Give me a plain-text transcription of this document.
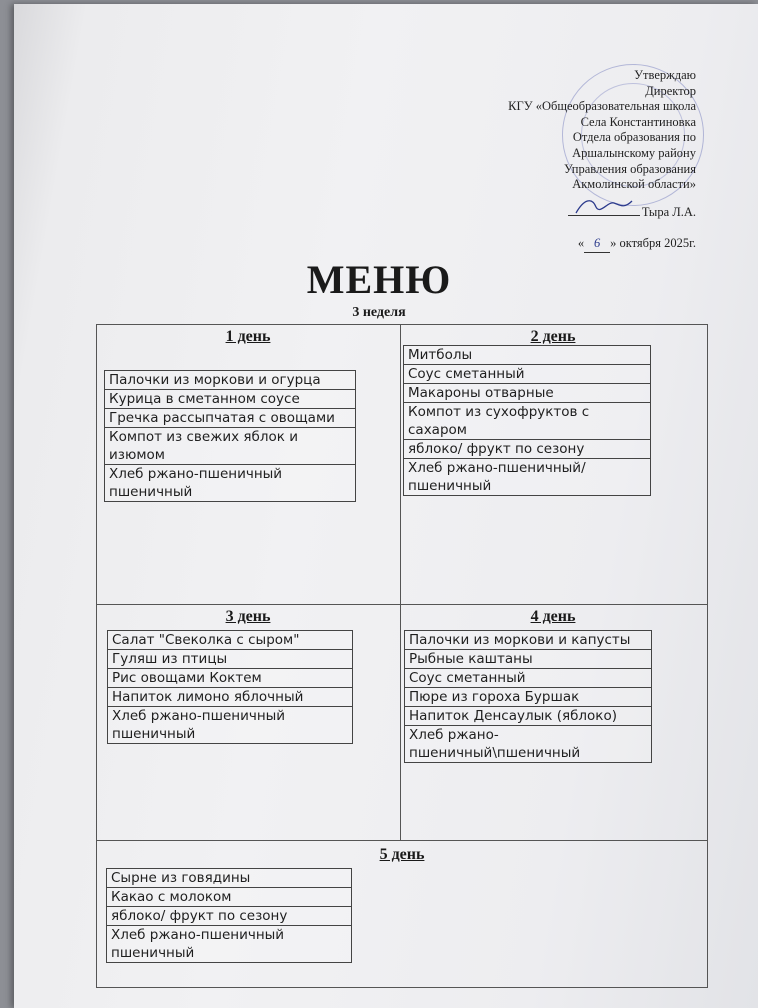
Утверждаю
Директор
КГУ «Общеобразовательная школа
Села Константиновка
Отдела образования по
Аршалынскому району
Управления образования
Акмолинской области»
Тыра Л.А.
« 6 » октября 2025г.
МЕНЮ
3 неделя
1 день
Палочки из моркови и огурца
Курица в сметанном соусе
Гречка рассыпчатая с овощами
Компот из свежих яблок и изюмом
Хлеб ржано-пшеничный пшеничный
2 день
Митболы
Соус сметанный
Макароны отварные
Компот из сухофруктов с сахаром
яблоко/ фрукт по сезону
Хлеб ржано-пшеничный/пшеничный
3 день
Салат "Свеколка с сыром"
Гуляш из птицы
Рис овощами Коктем
Напиток лимоно яблочный
Хлеб ржано-пшеничный пшеничный
4 день
Палочки из моркови и капусты
Рыбные каштаны
Соус сметанный
Пюре из гороха Буршак
Напиток Денсаулык (яблоко)
Хлеб ржано-пшеничный\пшеничный
5 день
Сырне из говядины
Какао с молоком
яблоко/ фрукт по сезону
Хлеб ржано-пшеничный пшеничный
